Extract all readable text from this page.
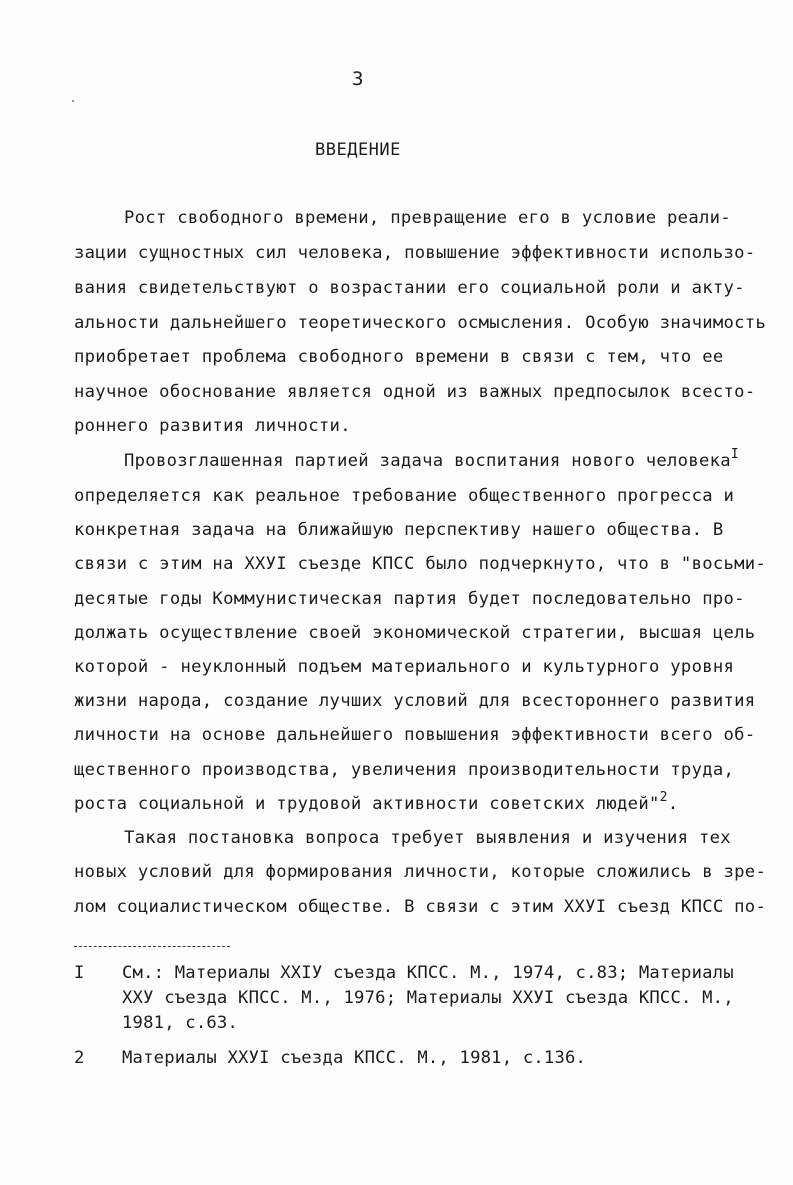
3
ВВЕДЕНИЕ
Рост свободного времени, превращение его в условие реали-
зации сущностных сил человека, повышение эффективности использо-
вания свидетельствуют о возрастании его социальной роли и акту-
альности дальнейшего теоретического осмысления. Особую значимость
приобретает проблема свободного времени в связи с тем, что ее
научное обоснование является одной из важных предпосылок всесто-
роннего развития личности.
Провозглашенная партией задача воспитания нового человека$^I$
определяется как реальное требование общественного прогресса и
конкретная задача на ближайшую перспективу нашего общества. В
связи с этим на ХХУI съезде КПСС было подчеркнуто, что в "восьми-
десятые годы Коммунистическая партия будет последовательно про-
должать осуществление своей экономической стратегии, высшая цель
которой - неуклонный подъем материального и культурного уровня
жизни народа, создание лучших условий для всестороннего развития
личности на основе дальнейшего повышения эффективности всего об-
щественного производства, увеличения производительности труда,
роста социальной и трудовой активности советских людей"$^2$.
Такая постановка вопроса требует выявления и изучения тех
новых условий для формирования личности, которые сложились в зре-
лом социалистическом обществе. В связи с этим ХХУI съезд КПСС по-
I См.: Материалы ХХIУ съезда КПСС. М., 1974, с.83; Материалы
ХХУ съезда КПСС. М., 1976; Материалы ХХУI съезда КПСС. М.,
1981, с.63.
2 Материалы ХХУI съезда КПСС. М., 1981, с.136.
